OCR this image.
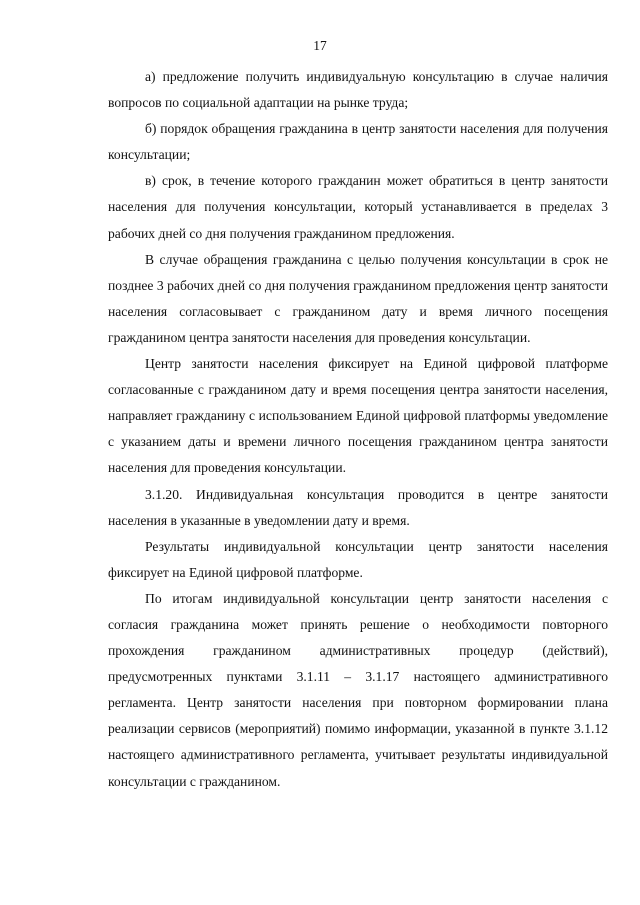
17

а) предложение получить индивидуальную консультацию в случае наличия вопросов по социальной адаптации на рынке труда;

б) порядок обращения гражданина в центр занятости населения для получения консультации;

в) срок, в течение которого гражданин может обратиться в центр занятости населения для получения консультации, который устанавливается в пределах 3 рабочих дней со дня получения гражданином предложения.

В случае обращения гражданина с целью получения консультации в срок не позднее 3 рабочих дней со дня получения гражданином предложения центр занятости населения согласовывает с гражданином дату и время личного посещения гражданином центра занятости населения для проведения консультации.

Центр занятости населения фиксирует на Единой цифровой платформе согласованные с гражданином дату и время посещения центра занятости населения, направляет гражданину с использованием Единой цифровой платформы уведомление с указанием даты и времени личного посещения гражданином центра занятости населения для проведения консультации.

3.1.20. Индивидуальная консультация проводится в центре занятости населения в указанные в уведомлении дату и время.

Результаты индивидуальной консультации центр занятости населения фиксирует на Единой цифровой платформе.

По итогам индивидуальной консультации центр занятости населения с согласия гражданина может принять решение о необходимости повторного прохождения гражданином административных процедур (действий), предусмотренных пунктами 3.1.11 – 3.1.17 настоящего административного регламента. Центр занятости населения при повторном формировании плана реализации сервисов (мероприятий) помимо информации, указанной в пункте 3.1.12 настоящего административного регламента, учитывает результаты индивидуальной консультации с гражданином.
